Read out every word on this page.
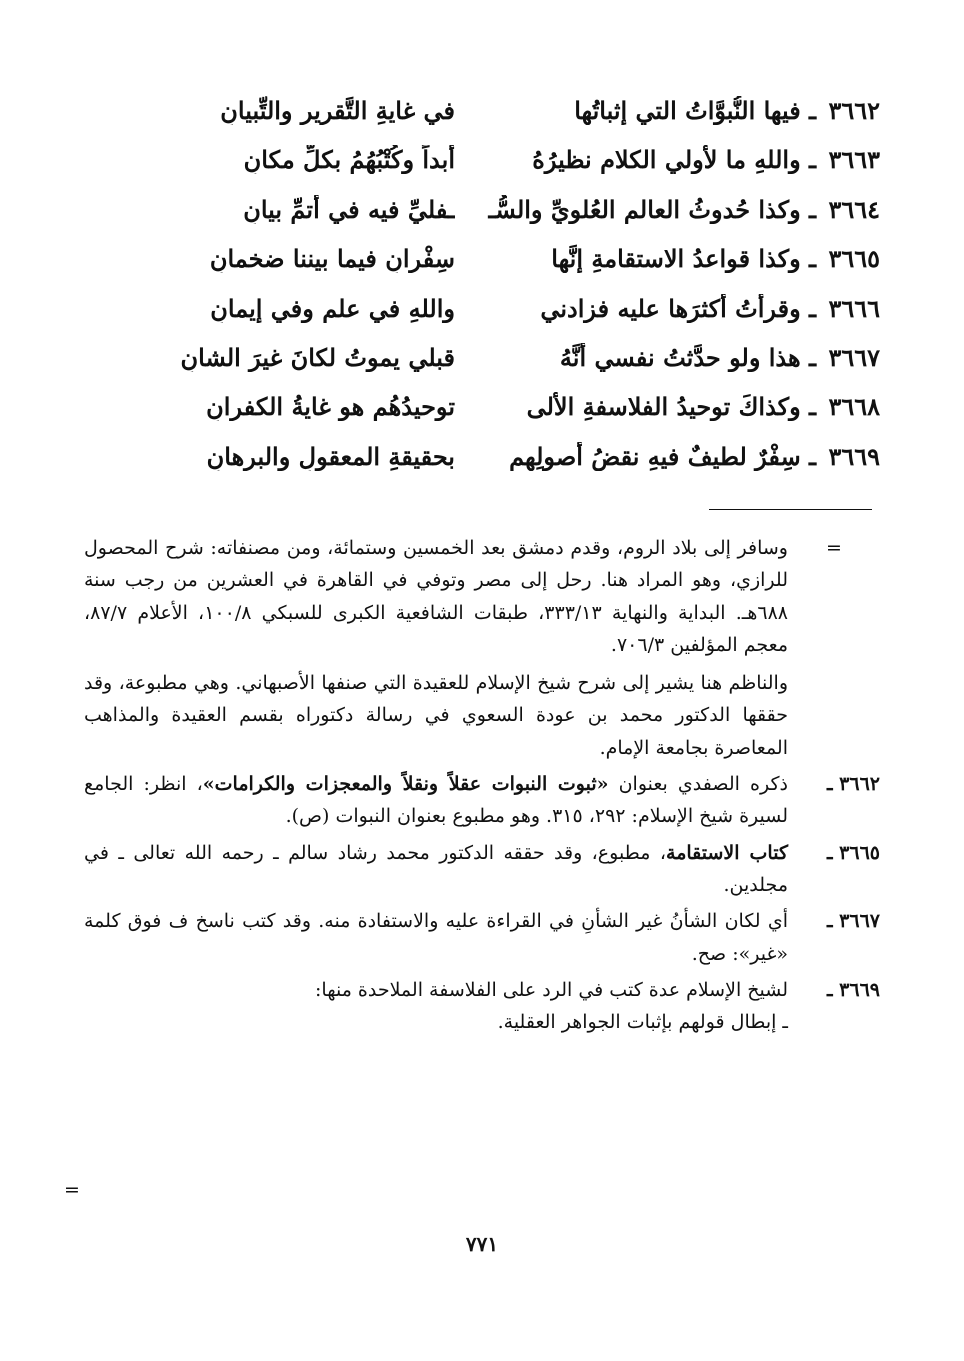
٣٦٦٢ ـ فيها النُّبوَّاتُ التي إثباتُها
في غايةِ التَّقريرِ والتِّبيانِ
٣٦٦٣ ـ واللهِ ما لأولي الكلامِ نظيرُهُ
أبداً وكُتْبُهُمُ بكلِّ مكانِ
٣٦٦٤ ـ وكذا حُدوثُ العالمِ العُلويِّ والسُّـ
ـفليِّ فيه في أتمِّ بيانِ
٣٦٦٥ ـ وكذا قواعدُ الاستقامةِ إنَّها
سِفْرانِ فيما بيننا ضخمانِ
٣٦٦٦ ـ وقرأتُ أكثرَها عليه فزادني
واللهِ في علمٍ وفي إيمانِ
٣٦٦٧ ـ هذا ولو حدَّثتُ نفسي أنَّهُ
قبلي يموتُ لكانَ غيرَ الشانِ
٣٦٦٨ ـ وكذاكَ توحيدُ الفلاسفةِ الأُلى
توحيدُهُم هو غايةُ الكفرانِ
٣٦٦٩ ـ سِفْرٌ لطيفٌ فيهِ نقضُ أصولِهِم
بحقيقةِ المعقولِ والبرهانِ
=
وسافر إلى بلاد الروم، وقدم دمشق بعد الخمسين وستمائة، ومن مصنفاته: شرح المحصول للرازي، وهو المراد هنا. رحل إلى مصر وتوفي في القاهرة في العشرين من رجب سنة ٦٨٨هـ. البداية والنهاية ٣٣٣/١٣، طبقات الشافعية الكبرى للسبكي ١٠٠/٨، الأعلام ٨٧/٧، معجم المؤلفين ٧٠٦/٣.
والناظم هنا يشير إلى شرح شيخ الإسلام للعقيدة التي صنفها الأصبهاني. وهي مطبوعة، وقد حققها الدكتور محمد بن عودة السعوي في رسالة دكتوراه بقسم العقيدة والمذاهب المعاصرة بجامعة الإمام.
٣٦٦٢ ـ
ذكره الصفدي بعنوان «ثبوت النبوات عقلاً ونقلاً والمعجزات والكرامات»، انظر: الجامع لسيرة شيخ الإسلام: ٢٩٢، ٣١٥. وهو مطبوع بعنوان النبوات (ص).
٣٦٦٥ ـ
كتاب الاستقامة، مطبوع، وقد حققه الدكتور محمد رشاد سالم ـ رحمه الله تعالى ـ في مجلدين.
٣٦٦٧ ـ
أي لكان الشأنُ غير الشأنِ في القراءة عليه والاستفادة منه. وقد كتب ناسخ ف فوق كلمة «غير»: صح.
٣٦٦٩ ـ
لشيخ الإسلام عدة كتب في الرد على الفلاسفة الملاحدة منها:
ـ إبطال قولهم بإثبات الجواهر العقلية.
=
٧٧١
